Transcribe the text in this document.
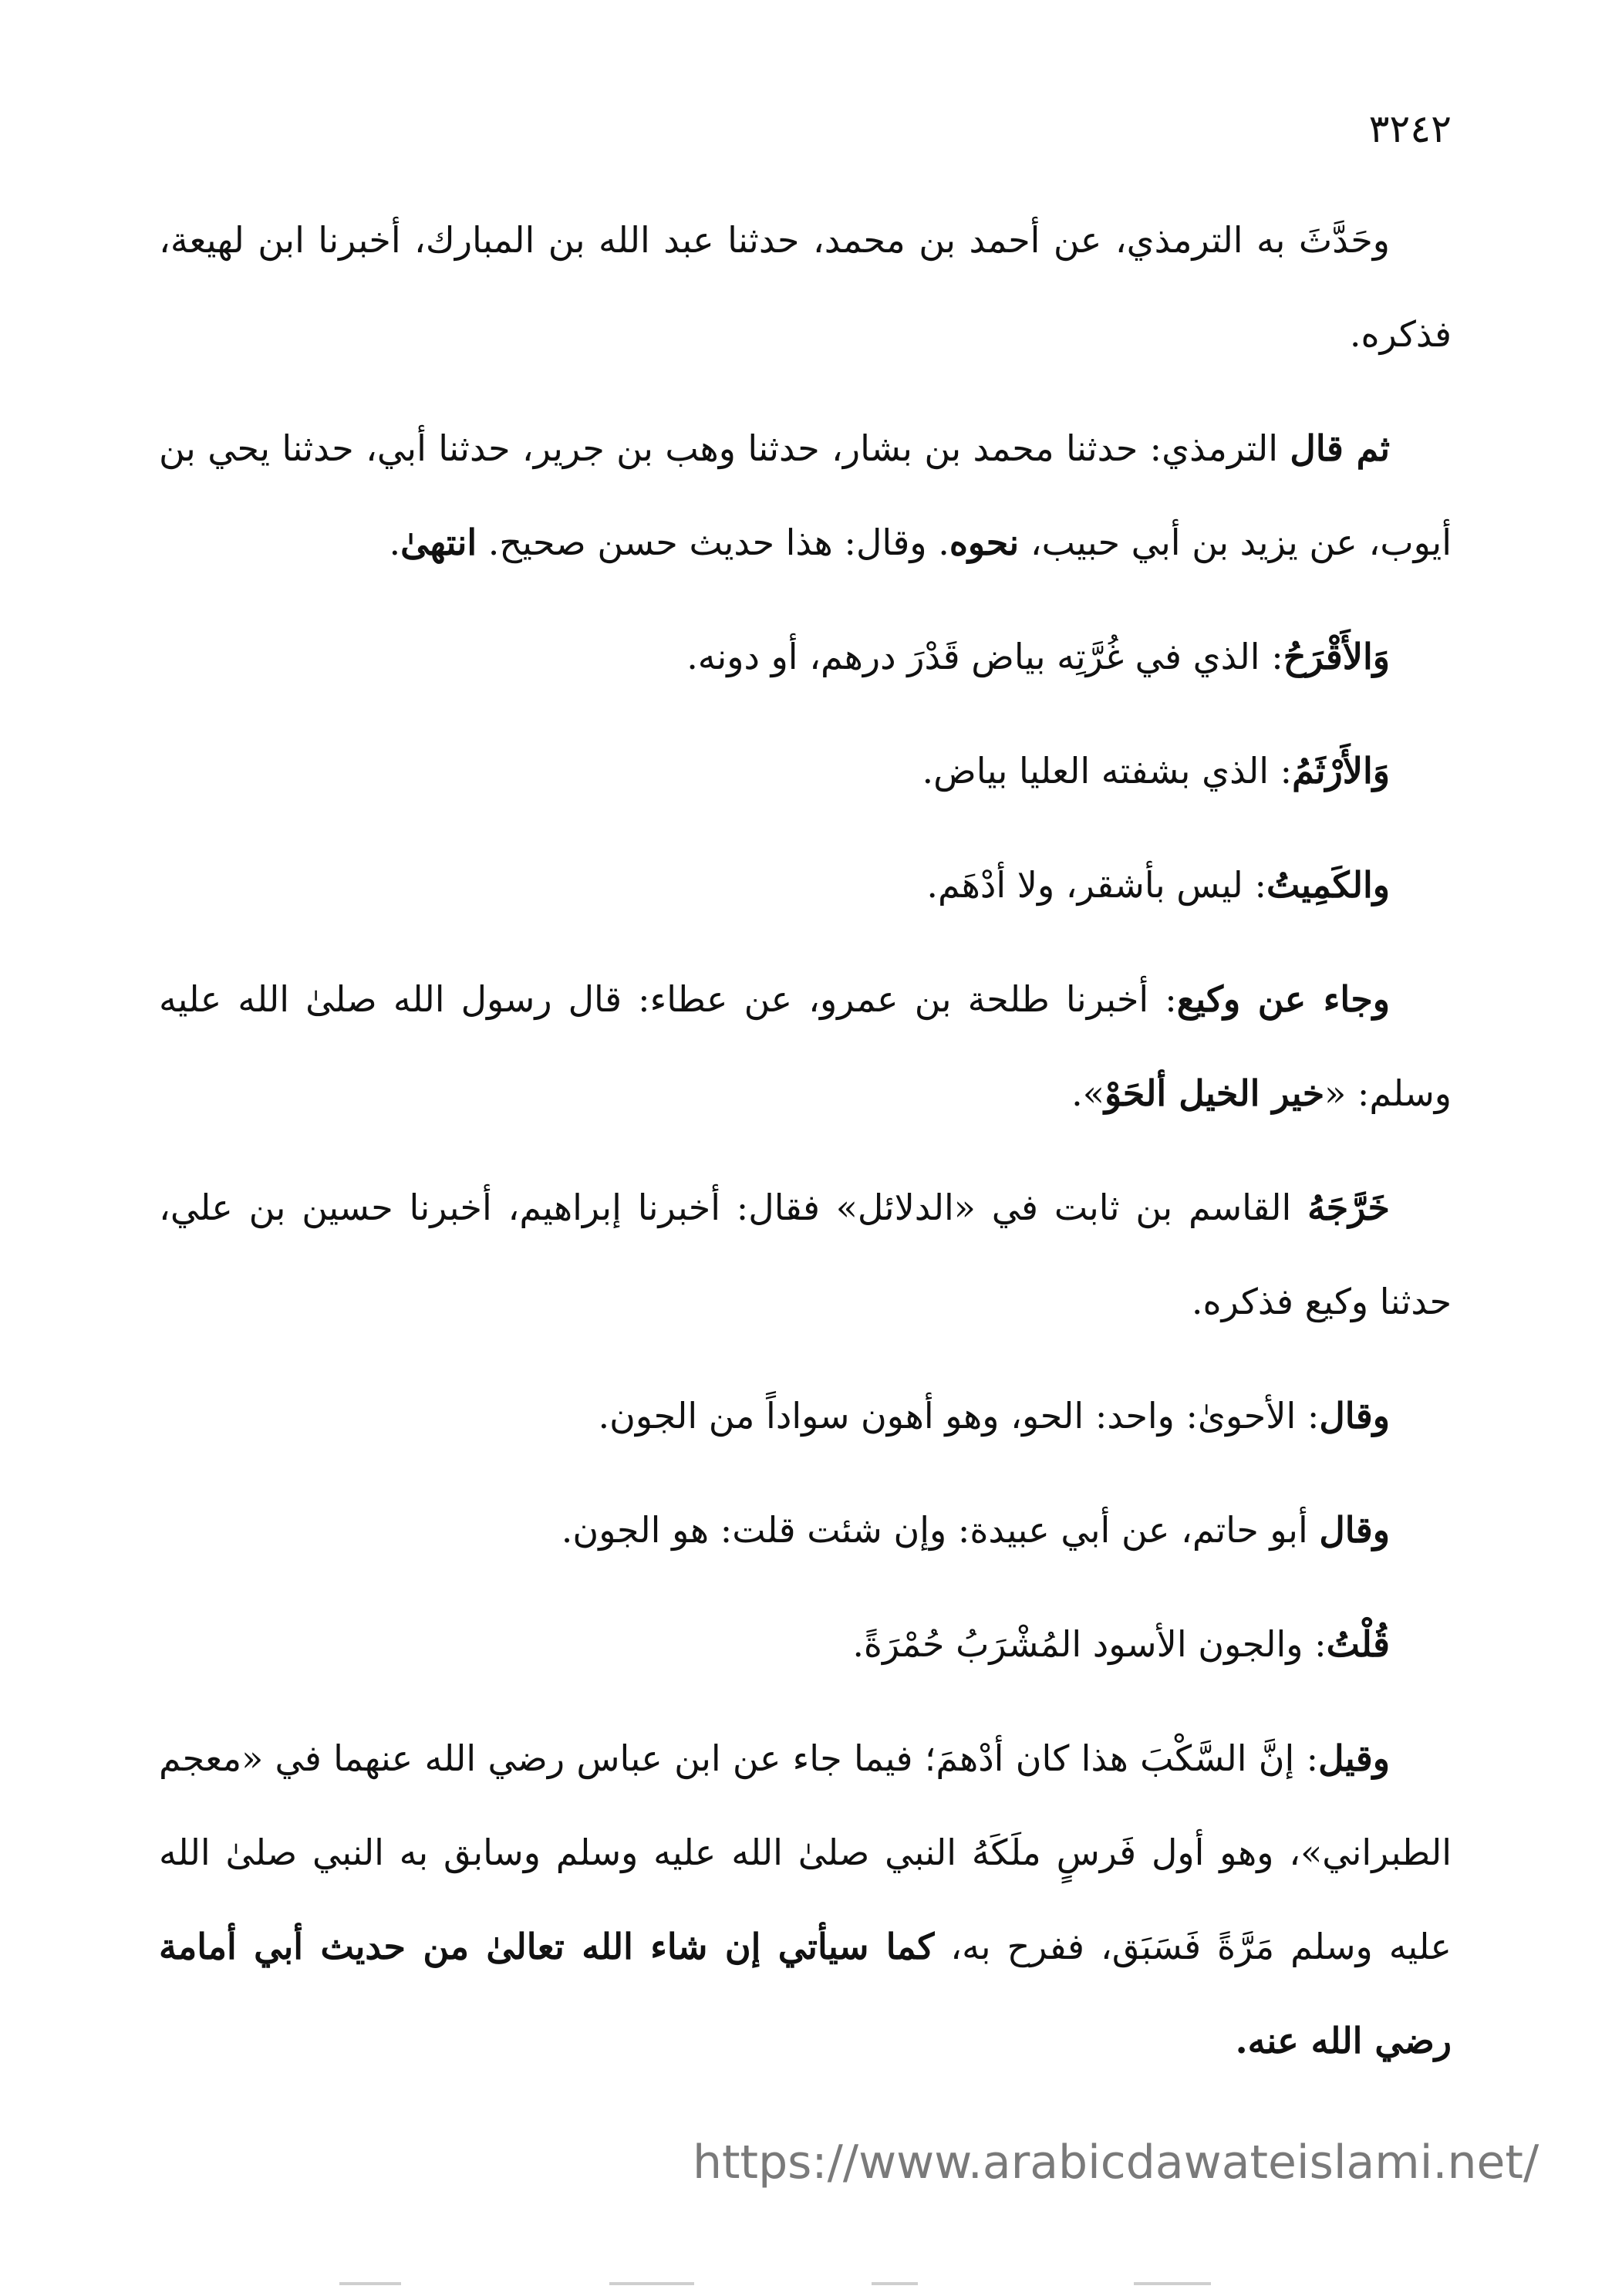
٣٢٤٢

وحَدَّثَ به الترمذي، عن أحمد بن محمد، حدثنا عبد الله بن المبارك، أخبرنا ابن لهيعة، فذكره.

ثم قال الترمذي: حدثنا محمد بن بشار، حدثنا وهب بن جرير، حدثنا أبي، حدثنا يحي بن أيوب، عن يزيد بن أبي حبيب، نحوه. وقال: هذا حديث حسن صحيح. انتهىٰ.

وَالأَقْرَحُ: الذي في غُرَّتِه بياض قَدْرَ درهم، أو دونه.

وَالأَرْثَمُ: الذي بشفته العليا بياض.

والكَمِيتُ: ليس بأشقر، ولا أدْهَم.

وجاء عن وكيع: أخبرنا طلحة بن عمرو، عن عطاء: قال رسول الله صلىٰ الله عليه وسلم: «خير الخيل ألحَوْ».

خَرَّجَهُ القاسم بن ثابت في «الدلائل» فقال: أخبرنا إبراهيم، أخبرنا حسين بن علي، حدثنا وكيع فذكره.

وقال: الأحوىٰ: واحد: الحو، وهو أهون سواداً من الجون.

وقال أبو حاتم، عن أبي عبيدة: وإن شئت قلت: هو الجون.

قُلْتُ: والجون الأسود المُشْرَبُ حُمْرَةً.

وقيل: إنَّ السَّكْبَ هذا كان أدْهمَ؛ فيما جاء عن ابن عباس رضي الله عنهما في «معجم الطبراني»، وهو أول فَرسٍ ملَكَهُ النبي صلىٰ الله عليه وسلم وسابق به النبي صلىٰ الله عليه وسلم مَرَّةً فَسَبَق، ففرح به، كما سيأتي إن شاء الله تعالىٰ من حديث أبي أمامة رضي الله عنه.

https://www.arabicdawateislami.net/
